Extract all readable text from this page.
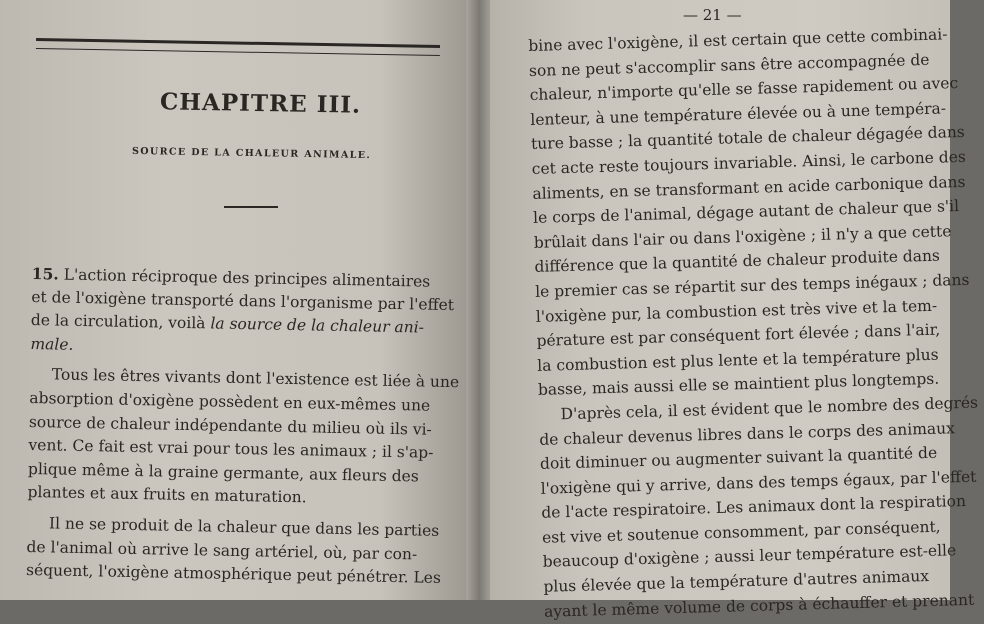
CHAPITRE III.
SOURCE DE LA CHALEUR ANIMALE.
15. L'action réciproque des principes alimentaires
et de l'oxigène transporté dans l'organisme par l'effet
de la circulation, voilà la source de la chaleur ani-
male.
Tous les êtres vivants dont l'existence est liée à une
absorption d'oxigène possèdent en eux-mêmes une
source de chaleur indépendante du milieu où ils vi-
vent. Ce fait est vrai pour tous les animaux ; il s'ap-
plique même à la graine germante, aux fleurs des
plantes et aux fruits en maturation.
Il ne se produit de la chaleur que dans les parties
de l'animal où arrive le sang artériel, où, par con-
séquent, l'oxigène atmosphérique peut pénétrer. Les
— 21 —
bine avec l'oxigène, il est certain que cette combinai-
son ne peut s'accomplir sans être accompagnée de
chaleur, n'importe qu'elle se fasse rapidement ou avec
lenteur, à une température élevée ou à une tempéra-
ture basse ; la quantité totale de chaleur dégagée dans
cet acte reste toujours invariable. Ainsi, le carbone des
aliments, en se transformant en acide carbonique dans
le corps de l'animal, dégage autant de chaleur que s'il
brûlait dans l'air ou dans l'oxigène ; il n'y a que cette
différence que la quantité de chaleur produite dans
le premier cas se répartit sur des temps inégaux ; dans
l'oxigène pur, la combustion est très vive et la tem-
pérature est par conséquent fort élevée ; dans l'air,
la combustion est plus lente et la température plus
basse, mais aussi elle se maintient plus longtemps.
D'après cela, il est évident que le nombre des degrés
de chaleur devenus libres dans le corps des animaux
doit diminuer ou augmenter suivant la quantité de
l'oxigène qui y arrive, dans des temps égaux, par l'effet
de l'acte respiratoire. Les animaux dont la respiration
est vive et soutenue consomment, par conséquent,
beaucoup d'oxigène ; aussi leur température est-elle
plus élevée que la température d'autres animaux
ayant le même volume de corps à échauffer et prenant
